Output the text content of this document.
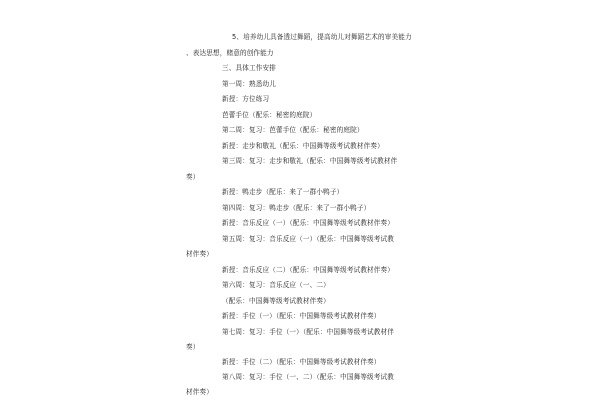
5、培养幼儿具备透过舞蹈，提高幼儿对舞蹈艺术的审美能力
、表达思想，赌意的创作能力
三、具体工作安排
第一周：熟悉幼儿
新授：方位练习
芭蕾手位（配乐：秘密的庭院）
第二周：复习：芭蕾手位（配乐：秘密的庭院）
新授：走步和敬礼（配乐：中国舞等级考试教材伴奏）
第三周：复习：走步和敬礼（配乐：中国舞等级考试教材伴
奏）
新授：鸭走步（配乐：来了一群小鸭子）
第四周：复习：鸭走步（配乐：来了一群小鸭子）
新授：音乐反应（一）（配乐：中国舞等级考试教材伴奏）
第五周：复习：音乐反应（一）（配乐：中国舞等级考试教
材伴奏）
新授：音乐反应（二）（配乐：中国舞等级考试教材伴奏）
第六周：复习：音乐反应（一、二）
（配乐：中国舞等级考试教材伴奏）
新授：手位（一）（配乐：中国舞等级考试教材伴奏）
第七周：复习：手位（一）（配乐：中国舞等级考试教材伴
奏）
新授：手位（二）（配乐：中国舞等级考试教材伴奏）
第八周：复习：手位（一、二）（配乐：中国舞等级考试教
材伴奏）
